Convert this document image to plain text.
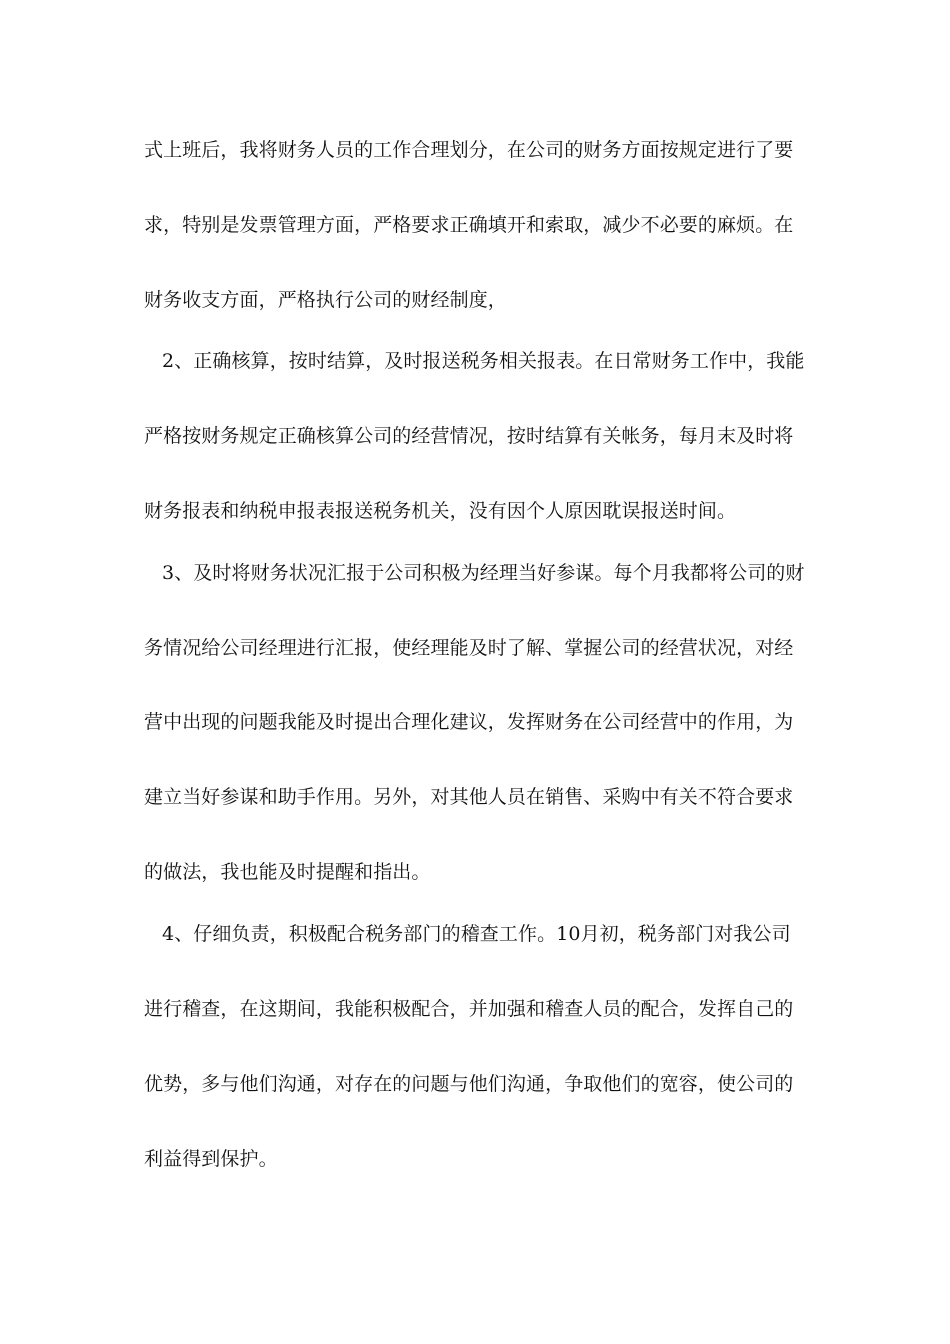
式上班后，我将财务人员的工作合理划分，在公司的财务方面按规定进行了要
求，特别是发票管理方面，严格要求正确填开和索取，减少不必要的麻烦。在
财务收支方面，严格执行公司的财经制度，
2、正确核算，按时结算，及时报送税务相关报表。在日常财务工作中，我能
严格按财务规定正确核算公司的经营情况，按时结算有关帐务，每月末及时将
财务报表和纳税申报表报送税务机关，没有因个人原因耽误报送时间。
3、及时将财务状况汇报于公司积极为经理当好参谋。每个月我都将公司的财
务情况给公司经理进行汇报，使经理能及时了解、掌握公司的经营状况，对经
营中出现的问题我能及时提出合理化建议，发挥财务在公司经营中的作用，为
建立当好参谋和助手作用。另外，对其他人员在销售、采购中有关不符合要求
的做法，我也能及时提醒和指出。
4、仔细负责，积极配合税务部门的稽查工作。10月初，税务部门对我公司
进行稽查，在这期间，我能积极配合，并加强和稽查人员的配合，发挥自己的
优势，多与他们沟通，对存在的问题与他们沟通，争取他们的宽容，使公司的
利益得到保护。
